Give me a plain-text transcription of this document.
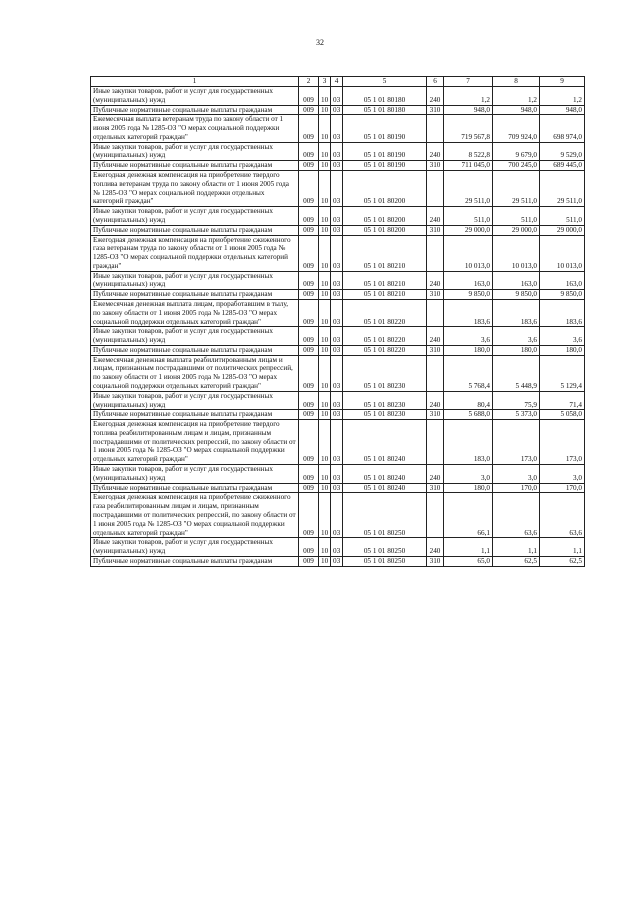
32
1	2	3	4	5	6	7	8	9
Иные закупки товаров, работ и услуг для государственных (муниципальных) нужд	009	10	03	05 1 01 80180	240	1,2	1,2	1,2
Публичные нормативные социальные выплаты гражданам	009	10	03	05 1 01 80180	310	948,0	948,0	948,0
Ежемесячная выплата ветеранам труда по закону области от 1 июня 2005 года № 1285-ОЗ "О мерах социальной поддержки отдельных категорий граждан"	009	10	03	05 1 01 80190		719 567,8	709 924,0	698 974,0
Иные закупки товаров, работ и услуг для государственных (муниципальных) нужд	009	10	03	05 1 01 80190	240	8 522,8	9 679,0	9 529,0
Публичные нормативные социальные выплаты гражданам	009	10	03	05 1 01 80190	310	711 045,0	700 245,0	689 445,0
Ежегодная денежная компенсация на приобретение твердого топлива ветеранам труда по закону области от 1 июня 2005 года № 1285-ОЗ "О мерах социальной поддержки отдельных категорий граждан"	009	10	03	05 1 01 80200		29 511,0	29 511,0	29 511,0
Иные закупки товаров, работ и услуг для государственных (муниципальных) нужд	009	10	03	05 1 01 80200	240	511,0	511,0	511,0
Публичные нормативные социальные выплаты гражданам	009	10	03	05 1 01 80200	310	29 000,0	29 000,0	29 000,0
Ежегодная денежная компенсация на приобретение сжиженного газа ветеранам труда по закону области от 1 июня 2005 года № 1285-ОЗ "О мерах социальной поддержки отдельных категорий граждан"	009	10	03	05 1 01 80210		10 013,0	10 013,0	10 013,0
Иные закупки товаров, работ и услуг для государственных (муниципальных) нужд	009	10	03	05 1 01 80210	240	163,0	163,0	163,0
Публичные нормативные социальные выплаты гражданам	009	10	03	05 1 01 80210	310	9 850,0	9 850,0	9 850,0
Ежемесячная денежная выплата лицам, проработавшим в тылу, по закону области от 1 июня 2005 года № 1285-ОЗ "О мерах социальной поддержки отдельных категорий граждан"	009	10	03	05 1 01 80220		183,6	183,6	183,6
Иные закупки товаров, работ и услуг для государственных (муниципальных) нужд	009	10	03	05 1 01 80220	240	3,6	3,6	3,6
Публичные нормативные социальные выплаты гражданам	009	10	03	05 1 01 80220	310	180,0	180,0	180,0
Ежемесячная денежная выплата реабилитированным лицам и лицам, признанным пострадавшими от политических репрессий, по закону области от 1 июня 2005 года № 1285-ОЗ "О мерах социальной поддержки отдельных категорий граждан"	009	10	03	05 1 01 80230		5 768,4	5 448,9	5 129,4
Иные закупки товаров, работ и услуг для государственных (муниципальных) нужд	009	10	03	05 1 01 80230	240	80,4	75,9	71,4
Публичные нормативные социальные выплаты гражданам	009	10	03	05 1 01 80230	310	5 688,0	5 373,0	5 058,0
Ежегодная денежная компенсация на приобретение твердого топлива реабилитированным лицам и лицам, признанным пострадавшими от политических репрессий, по закону области от 1 июня 2005 года № 1285-ОЗ "О мерах социальной поддержки отдельных категорий граждан"	009	10	03	05 1 01 80240		183,0	173,0	173,0
Иные закупки товаров, работ и услуг для государственных (муниципальных) нужд	009	10	03	05 1 01 80240	240	3,0	3,0	3,0
Публичные нормативные социальные выплаты гражданам	009	10	03	05 1 01 80240	310	180,0	170,0	170,0
Ежегодная денежная компенсация на приобретение сжиженного газа реабилитированным лицам и лицам, признанным пострадавшими от политических репрессий, по закону области от 1 июня 2005 года № 1285-ОЗ "О мерах социальной поддержки отдельных категорий граждан"	009	10	03	05 1 01 80250		66,1	63,6	63,6
Иные закупки товаров, работ и услуг для государственных (муниципальных) нужд	009	10	03	05 1 01 80250	240	1,1	1,1	1,1
Публичные нормативные социальные выплаты гражданам	009	10	03	05 1 01 80250	310	65,0	62,5	62,5
